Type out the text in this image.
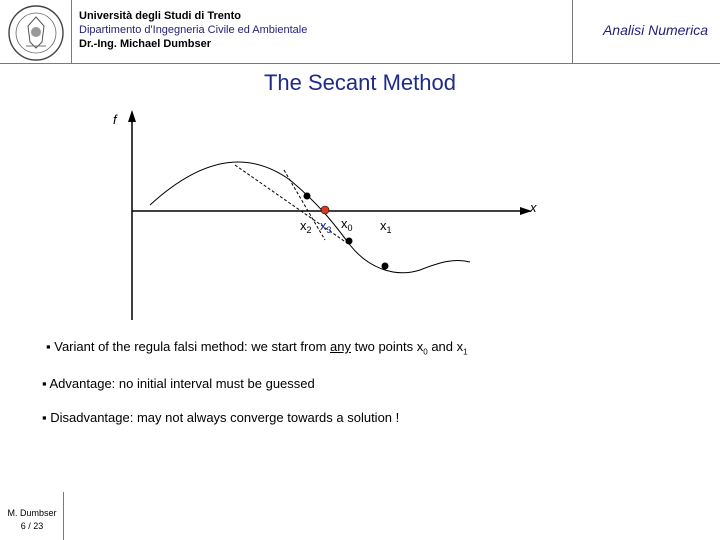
Università degli Studi di Trento
Dipartimento d'Ingegneria Civile ed Ambientale
Dr.-Ing. Michael Dumbser
Analisi Numerica
The Secant Method
f
x
$x_2$ $x_3$ $x_0$ $x_1$
▪ Variant of the regula falsi method: we start from any two points $x_0$ and $x_1$
▪ Advantage: no initial interval must be guessed
▪ Disadvantage: may not always converge towards a solution !
M. Dumbser
6 / 23
